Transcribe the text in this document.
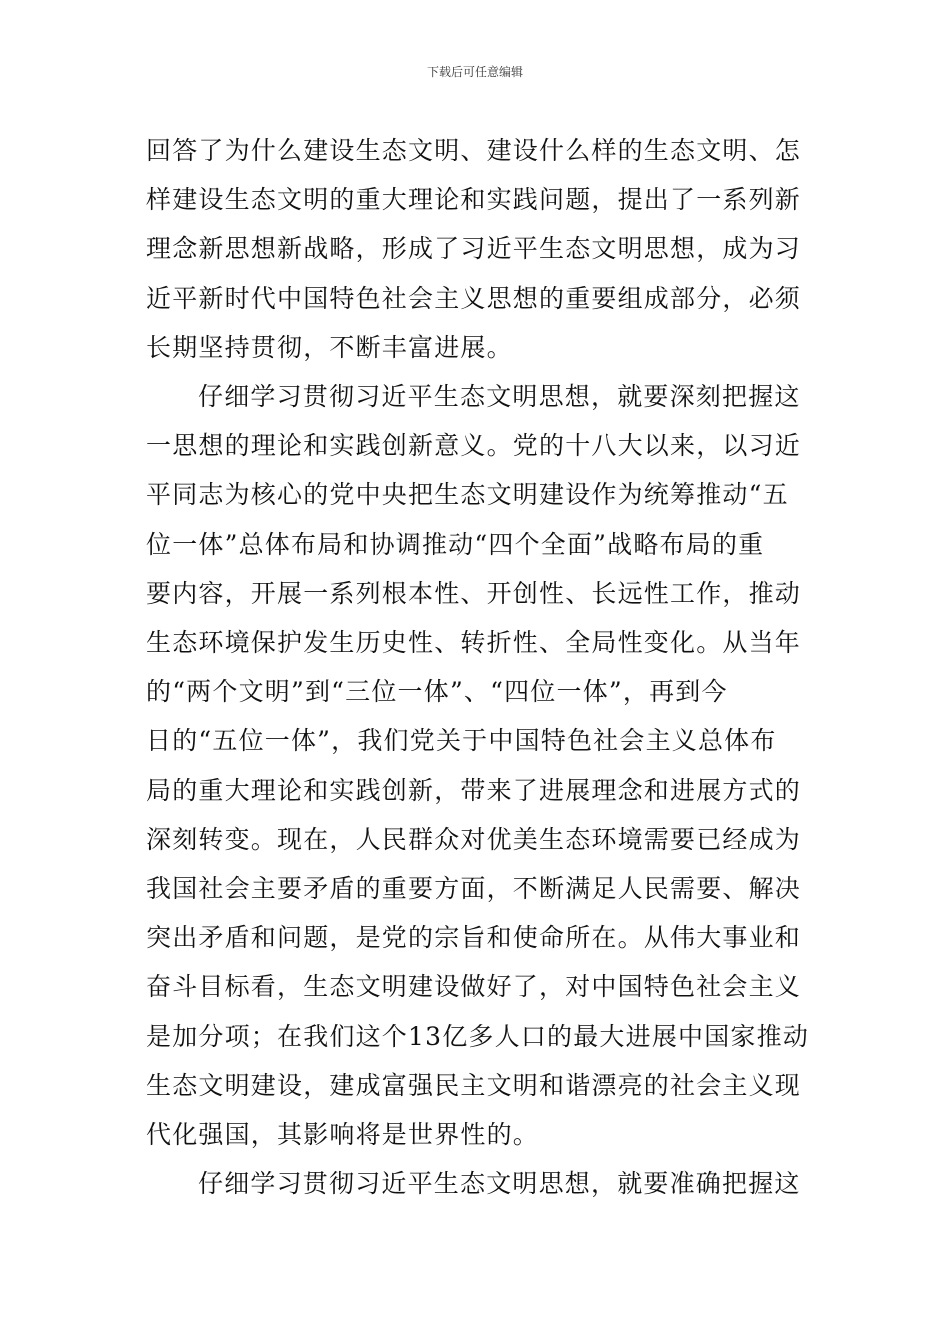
下载后可任意编辑

回答了为什么建设生态文明、建设什么样的生态文明、怎
样建设生态文明的重大理论和实践问题，提出了一系列新
理念新思想新战略，形成了习近平生态文明思想，成为习
近平新时代中国特色社会主义思想的重要组成部分，必须
长期坚持贯彻，不断丰富进展。

仔细学习贯彻习近平生态文明思想，就要深刻把握这
一思想的理论和实践创新意义。党的十八大以来，以习近
平同志为核心的党中央把生态文明建设作为统筹推动“五
位一体”总体布局和协调推动“四个全面”战略布局的重
要内容，开展一系列根本性、开创性、长远性工作，推动
生态环境保护发生历史性、转折性、全局性变化。从当年
的“两个文明”到“三位一体”、“四位一体”，再到今
日的“五位一体”，我们党关于中国特色社会主义总体布
局的重大理论和实践创新，带来了进展理念和进展方式的
深刻转变。现在，人民群众对优美生态环境需要已经成为
我国社会主要矛盾的重要方面，不断满足人民需要、解决
突出矛盾和问题，是党的宗旨和使命所在。从伟大事业和
奋斗目标看，生态文明建设做好了，对中国特色社会主义
是加分项；在我们这个13亿多人口的最大进展中国家推动
生态文明建设，建成富强民主文明和谐漂亮的社会主义现
代化强国，其影响将是世界性的。

仔细学习贯彻习近平生态文明思想，就要准确把握这
